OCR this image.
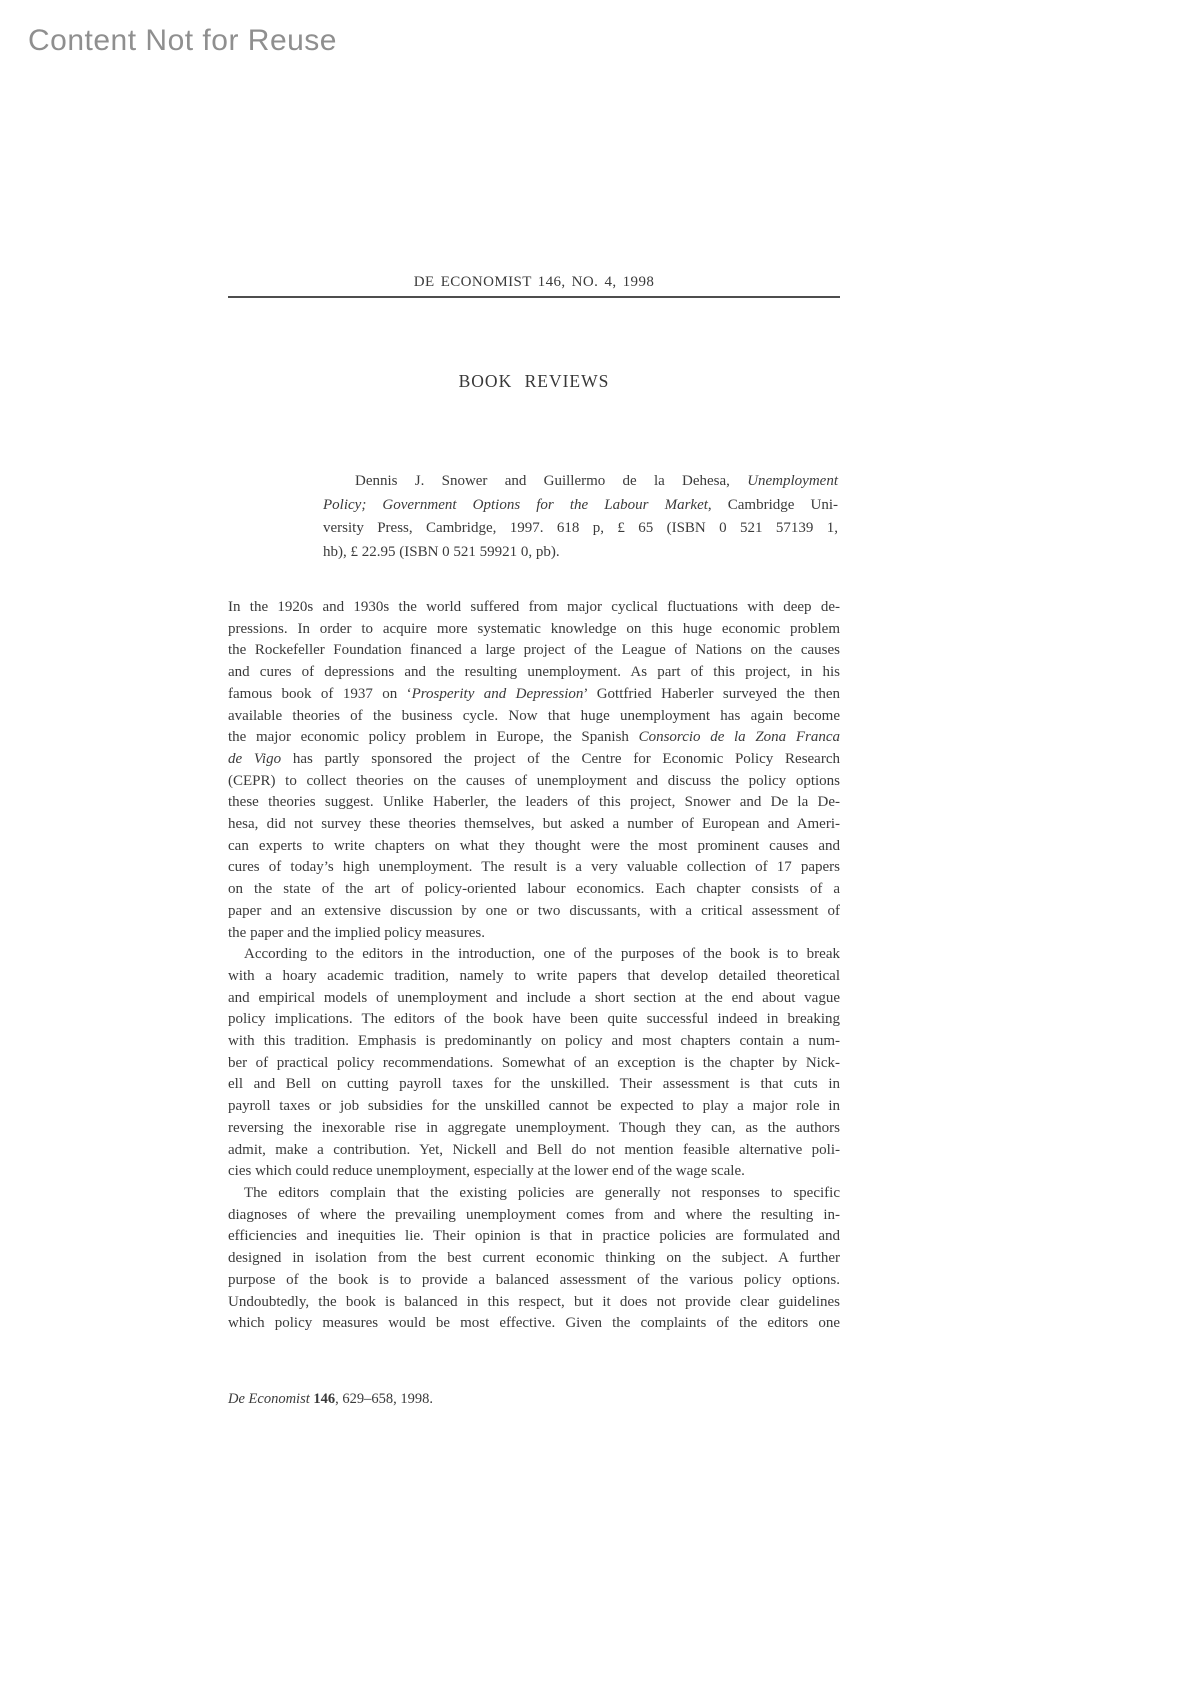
Content Not for Reuse
DE ECONOMIST 146, NO. 4, 1998
BOOK REVIEWS
Dennis J. Snower and Guillermo de la Dehesa, Unemployment
Policy; Government Options for the Labour Market, Cambridge Uni-
versity Press, Cambridge, 1997. 618 p, £ 65 (ISBN 0 521 57139 1,
hb), £ 22.95 (ISBN 0 521 59921 0, pb).
In the 1920s and 1930s the world suffered from major cyclical fluctuations with deep de-
pressions. In order to acquire more systematic knowledge on this huge economic problem
the Rockefeller Foundation financed a large project of the League of Nations on the causes
and cures of depressions and the resulting unemployment. As part of this project, in his
famous book of 1937 on ‘Prosperity and Depression’ Gottfried Haberler surveyed the then
available theories of the business cycle. Now that huge unemployment has again become
the major economic policy problem in Europe, the Spanish Consorcio de la Zona Franca
de Vigo has partly sponsored the project of the Centre for Economic Policy Research
(CEPR) to collect theories on the causes of unemployment and discuss the policy options
these theories suggest. Unlike Haberler, the leaders of this project, Snower and De la De-
hesa, did not survey these theories themselves, but asked a number of European and Ameri-
can experts to write chapters on what they thought were the most prominent causes and
cures of today’s high unemployment. The result is a very valuable collection of 17 papers
on the state of the art of policy-oriented labour economics. Each chapter consists of a
paper and an extensive discussion by one or two discussants, with a critical assessment of
the paper and the implied policy measures.
According to the editors in the introduction, one of the purposes of the book is to break
with a hoary academic tradition, namely to write papers that develop detailed theoretical
and empirical models of unemployment and include a short section at the end about vague
policy implications. The editors of the book have been quite successful indeed in breaking
with this tradition. Emphasis is predominantly on policy and most chapters contain a num-
ber of practical policy recommendations. Somewhat of an exception is the chapter by Nick-
ell and Bell on cutting payroll taxes for the unskilled. Their assessment is that cuts in
payroll taxes or job subsidies for the unskilled cannot be expected to play a major role in
reversing the inexorable rise in aggregate unemployment. Though they can, as the authors
admit, make a contribution. Yet, Nickell and Bell do not mention feasible alternative poli-
cies which could reduce unemployment, especially at the lower end of the wage scale.
The editors complain that the existing policies are generally not responses to specific
diagnoses of where the prevailing unemployment comes from and where the resulting in-
efficiencies and inequities lie. Their opinion is that in practice policies are formulated and
designed in isolation from the best current economic thinking on the subject. A further
purpose of the book is to provide a balanced assessment of the various policy options.
Undoubtedly, the book is balanced in this respect, but it does not provide clear guidelines
which policy measures would be most effective. Given the complaints of the editors one
De Economist 146, 629–658, 1998.
